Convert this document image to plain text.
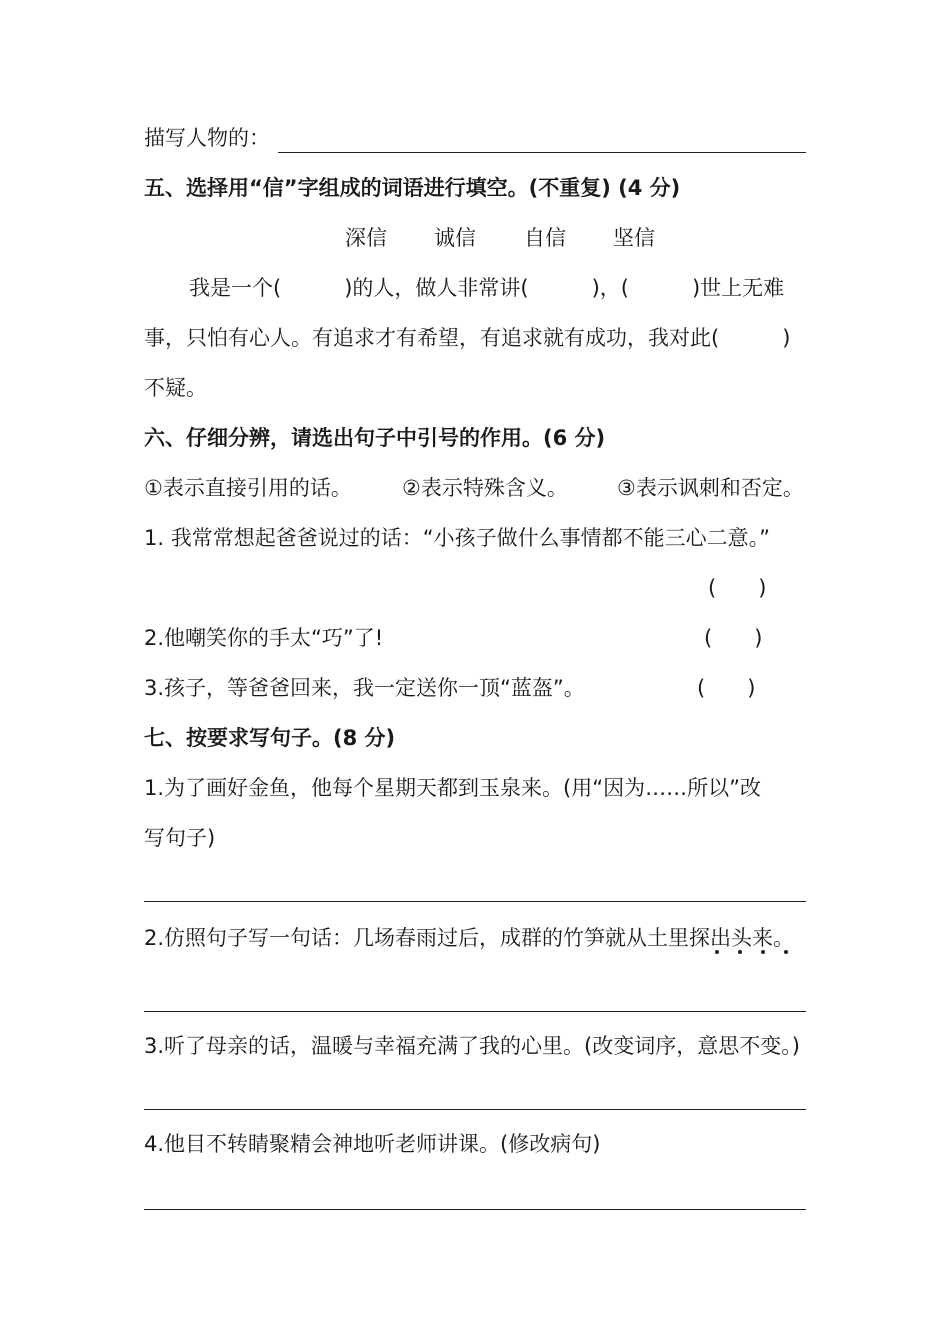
描写人物的：
五、选择用“信”字组成的词语进行填空。(不重复) (4 分)
深信 诚信 自信 坚信
我是一个(　　　)的人，做人非常讲(　　　)，(　　　)世上无难
事，只怕有心人。有追求才有希望，有追求就有成功，我对此(　　　)
不疑。
六、仔细分辨，请选出句子中引号的作用。(6 分)
①表示直接引用的话。 ②表示特殊含义。 ③表示讽刺和否定。
1. 我常常想起爸爸说过的话：“小孩子做什么事情都不能三心二意。”
(　　)
2.他嘲笑你的手太“巧”了!	(　　)
3.孩子，等爸爸回来，我一定送你一顶“蓝盔”。	(　　)
七、按要求写句子。(8 分)
1.为了画好金鱼，他每个星期天都到玉泉来。(用“因为……所以”改
写句子)
2.仿照句子写一句话：几场春雨过后，成群的竹笋就从土里探出头来。
3.听了母亲的话，温暖与幸福充满了我的心里。(改变词序，意思不变。)
4.他目不转睛聚精会神地听老师讲课。(修改病句)
